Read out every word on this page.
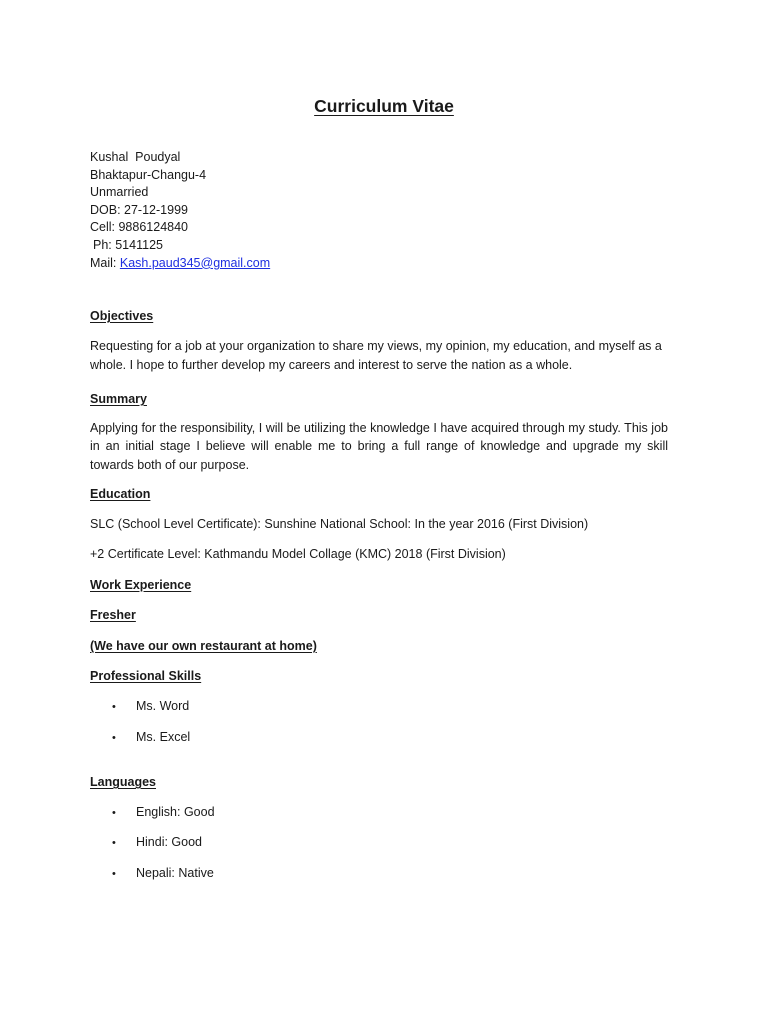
Curriculum Vitae
Kushal  Poudyal
Bhaktapur-Changu-4
Unmarried
DOB: 27-12-1999
Cell: 9886124840
Ph: 5141125
Mail: Kash.paud345@gmail.com
Objectives

Requesting for a job at your organization to share my views, my opinion, my education, and myself as a whole. I hope to further develop my careers and interest to serve the nation as a whole.

Summary

Applying for the responsibility, I will be utilizing the knowledge I have acquired through my study. This job in an initial stage I believe will enable me to bring a full range of knowledge and upgrade my skill towards both of our purpose.

Education

SLC (School Level Certificate): Sunshine National School: In the year 2016 (First Division)

+2 Certificate Level: Kathmandu Model Collage (KMC) 2018 (First Division)

Work Experience
Fresher
(We have our own restaurant at home)
Professional Skills
• Ms. Word
• Ms. Excel
Languages
• English: Good
• Hindi: Good
• Nepali: Native
